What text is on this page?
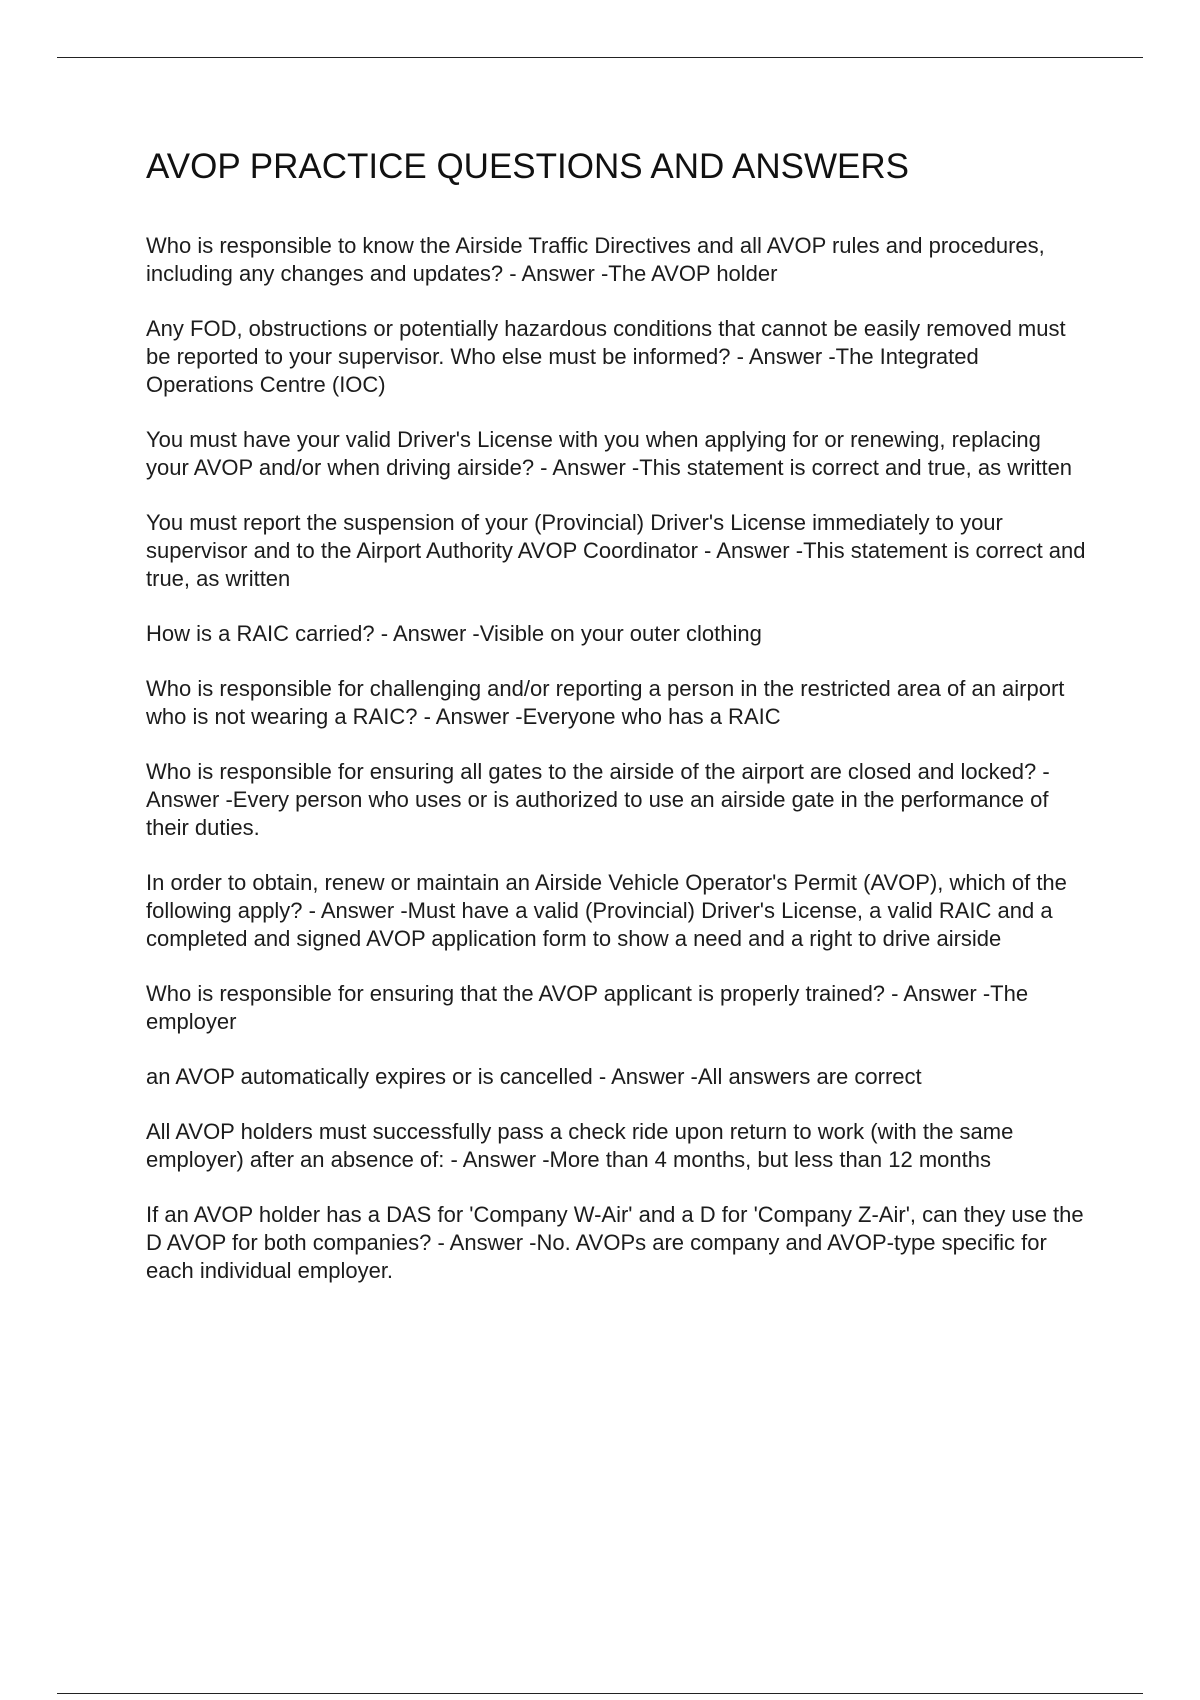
AVOP PRACTICE QUESTIONS AND ANSWERS

Who is responsible to know the Airside Traffic Directives and all AVOP rules and procedures, including any changes and updates? - Answer -The AVOP holder

Any FOD, obstructions or potentially hazardous conditions that cannot be easily removed must be reported to your supervisor. Who else must be informed? - Answer -The Integrated Operations Centre (IOC)

You must have your valid Driver's License with you when applying for or renewing, replacing your AVOP and/or when driving airside? - Answer -This statement is correct and true, as written

You must report the suspension of your (Provincial) Driver's License immediately to your supervisor and to the Airport Authority AVOP Coordinator - Answer -This statement is correct and true, as written

How is a RAIC carried? - Answer -Visible on your outer clothing

Who is responsible for challenging and/or reporting a person in the restricted area of an airport who is not wearing a RAIC? - Answer -Everyone who has a RAIC

Who is responsible for ensuring all gates to the airside of the airport are closed and locked? - Answer -Every person who uses or is authorized to use an airside gate in the performance of their duties.

In order to obtain, renew or maintain an Airside Vehicle Operator's Permit (AVOP), which of the following apply? - Answer -Must have a valid (Provincial) Driver's License, a valid RAIC and a completed and signed AVOP application form to show a need and a right to drive airside

Who is responsible for ensuring that the AVOP applicant is properly trained? - Answer -The employer

an AVOP automatically expires or is cancelled - Answer -All answers are correct

All AVOP holders must successfully pass a check ride upon return to work (with the same employer) after an absence of: - Answer -More than 4 months, but less than 12 months

If an AVOP holder has a DAS for 'Company W-Air' and a D for 'Company Z-Air', can they use the D AVOP for both companies? - Answer -No. AVOPs are company and AVOP-type specific for each individual employer.
